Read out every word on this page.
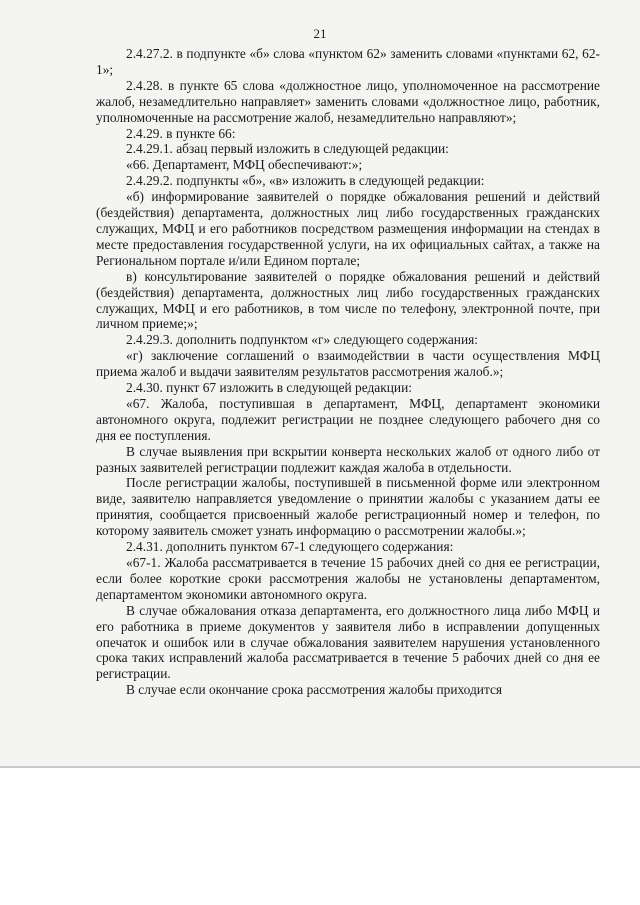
21

2.4.27.2. в подпункте «б» слова «пунктом 62» заменить словами «пунктами 62, 62-1»;

2.4.28. в пункте 65 слова «должностное лицо, уполномоченное на рассмотрение жалоб, незамедлительно направляет» заменить словами «должностное лицо, работник, уполномоченные на рассмотрение жалоб, незамедлительно направляют»;

2.4.29. в пункте 66:

2.4.29.1. абзац первый изложить в следующей редакции:

«66. Департамент, МФЦ обеспечивают:»;

2.4.29.2. подпункты «б», «в» изложить в следующей редакции:

«б) информирование заявителей о порядке обжалования решений и действий (бездействия) департамента, должностных лиц либо государственных гражданских служащих, МФЦ и его работников посредством размещения информации на стендах в месте предоставления государственной услуги, на их официальных сайтах, а также на Региональном портале и/или Едином портале;

в) консультирование заявителей о порядке обжалования решений и действий (бездействия) департамента, должностных лиц либо государственных гражданских служащих, МФЦ и его работников, в том числе по телефону, электронной почте, при личном приеме;»;

2.4.29.3. дополнить подпунктом «г» следующего содержания:

«г) заключение соглашений о взаимодействии в части осуществления МФЦ приема жалоб и выдачи заявителям результатов рассмотрения жалоб.»;

2.4.30. пункт 67 изложить в следующей редакции:

«67. Жалоба, поступившая в департамент, МФЦ, департамент экономики автономного округа, подлежит регистрации не позднее следующего рабочего дня со дня ее поступления.

В случае выявления при вскрытии конверта нескольких жалоб от одного либо от разных заявителей регистрации подлежит каждая жалоба в отдельности.

После регистрации жалобы, поступившей в письменной форме или электронном виде, заявителю направляется уведомление о принятии жалобы с указанием даты ее принятия, сообщается присвоенный жалобе регистрационный номер и телефон, по которому заявитель сможет узнать информацию о рассмотрении жалобы.»;

2.4.31. дополнить пунктом 67-1 следующего содержания:

«67-1. Жалоба рассматривается в течение 15 рабочих дней со дня ее регистрации, если более короткие сроки рассмотрения жалобы не установлены департаментом, департаментом экономики автономного округа.

В случае обжалования отказа департамента, его должностного лица либо МФЦ и его работника в приеме документов у заявителя либо в исправлении допущенных опечаток и ошибок или в случае обжалования заявителем нарушения установленного срока таких исправлений жалоба рассматривается в течение 5 рабочих дней со дня ее регистрации.

В случае если окончание срока рассмотрения жалобы приходится
